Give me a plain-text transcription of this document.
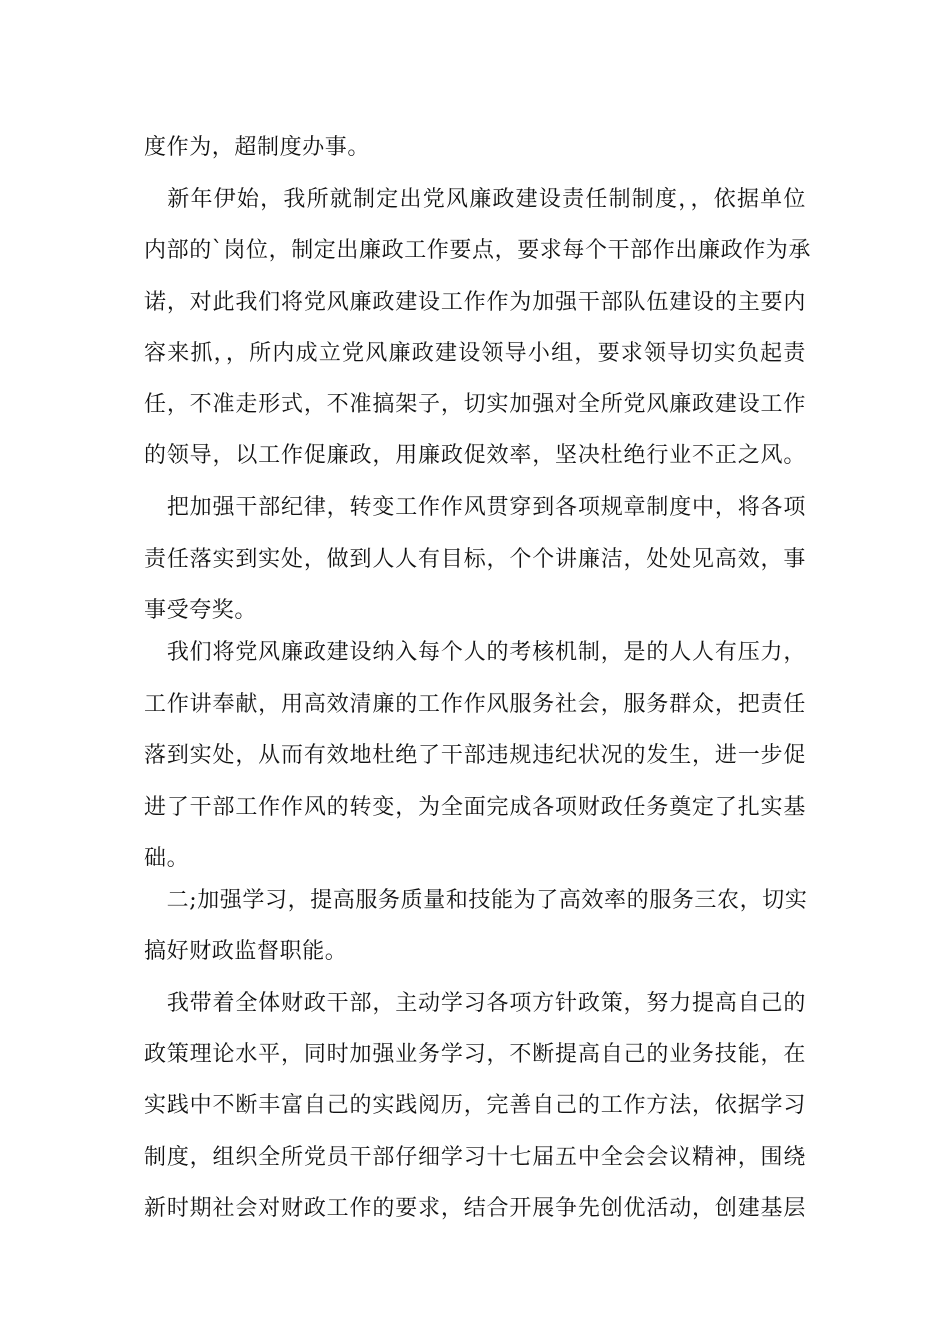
度作为，超制度办事。
　新年伊始，我所就制定出党风廉政建设责任制制度，，依据单位
内部的`岗位，制定出廉政工作要点，要求每个干部作出廉政作为承
诺，对此我们将党风廉政建设工作作为加强干部队伍建设的主要内
容来抓，，所内成立党风廉政建设领导小组，要求领导切实负起责
任，不准走形式，不准搞架子，切实加强对全所党风廉政建设工作
的领导，以工作促廉政，用廉政促效率，坚决杜绝行业不正之风。
　把加强干部纪律，转变工作作风贯穿到各项规章制度中，将各项
责任落实到实处，做到人人有目标，个个讲廉洁，处处见高效，事
事受夸奖。
　我们将党风廉政建设纳入每个人的考核机制，是的人人有压力，
工作讲奉献，用高效清廉的工作作风服务社会，服务群众，把责任
落到实处，从而有效地杜绝了干部违规违纪状况的发生，进一步促
进了干部工作作风的转变，为全面完成各项财政任务奠定了扎实基
础。
　二;加强学习，提高服务质量和技能为了高效率的服务三农，切实
搞好财政监督职能。
　我带着全体财政干部，主动学习各项方针政策，努力提高自己的
政策理论水平，同时加强业务学习，不断提高自己的业务技能，在
实践中不断丰富自己的实践阅历，完善自己的工作方法，依据学习
制度，组织全所党员干部仔细学习十七届五中全会会议精神，围绕
新时期社会对财政工作的要求，结合开展争先创优活动，创建基层
